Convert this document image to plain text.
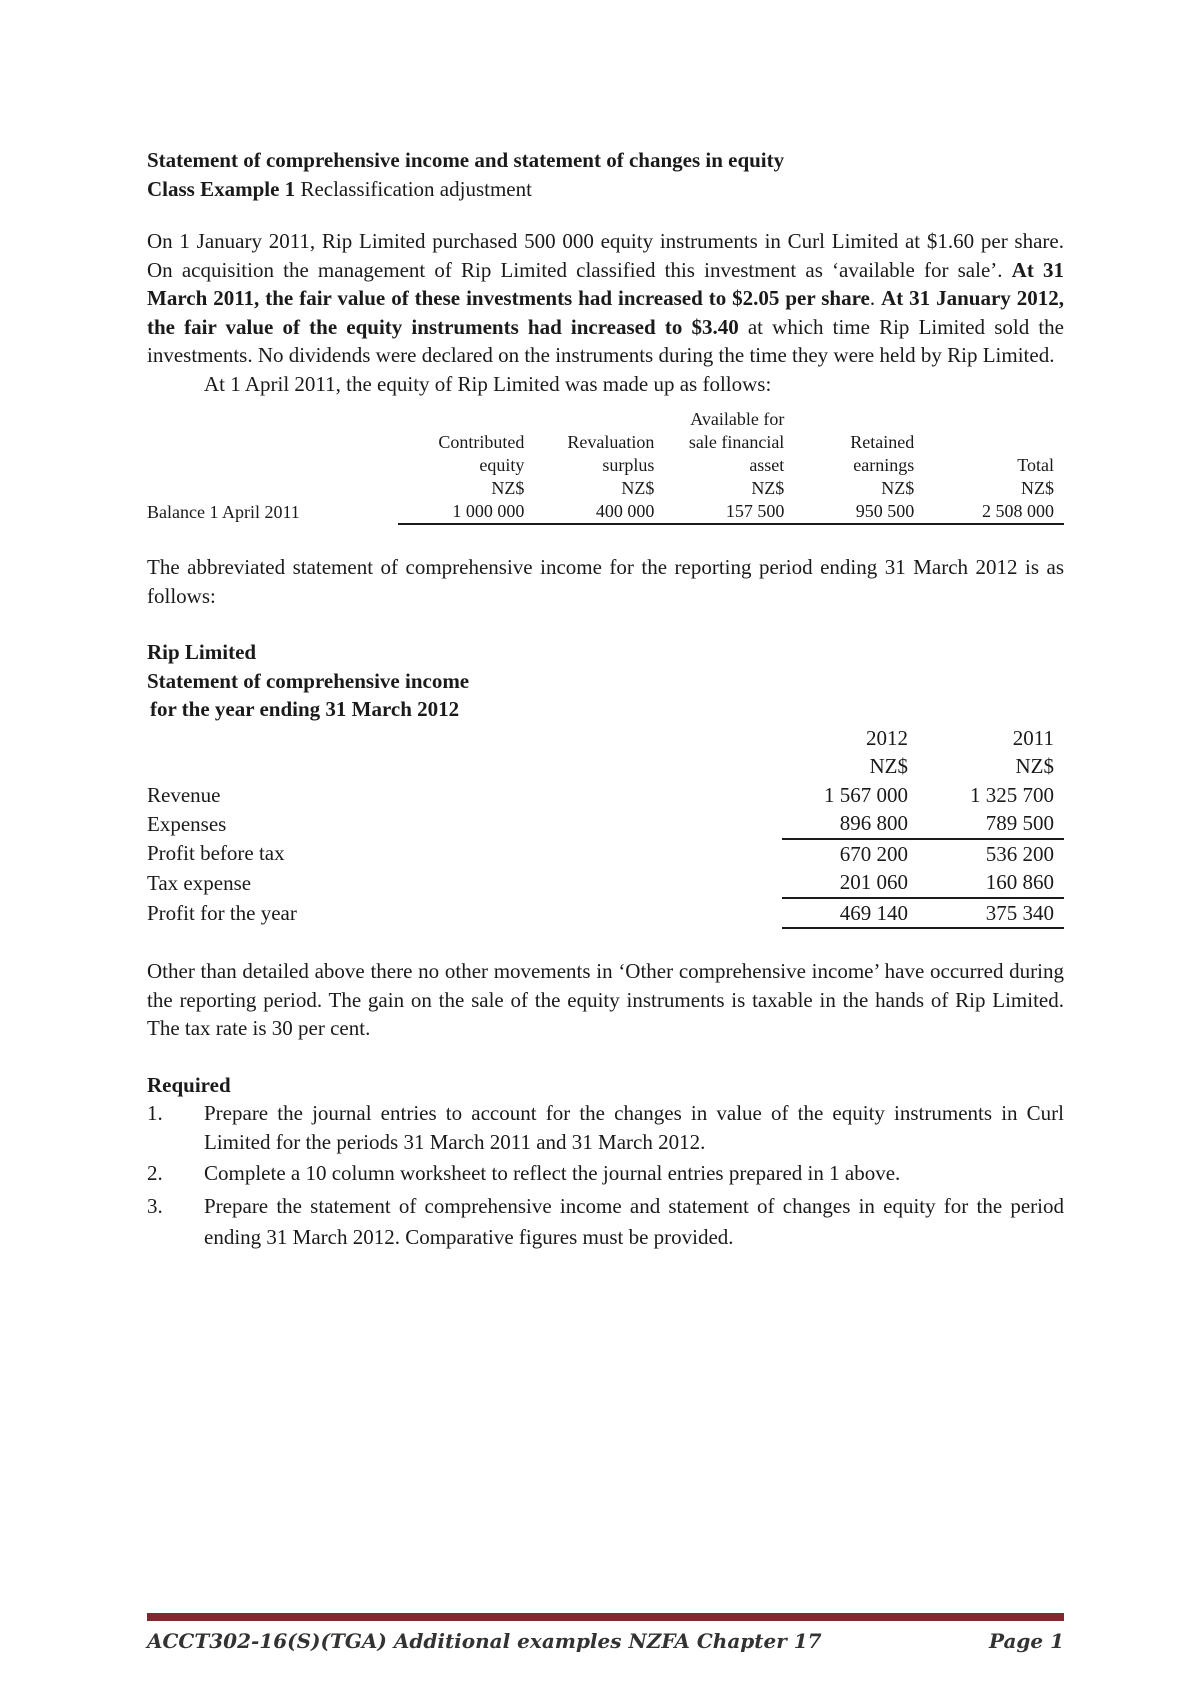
Statement of comprehensive income and statement of changes in equity

Class Example 1 Reclassification adjustment

On 1 January 2011, Rip Limited purchased 500 000 equity instruments in Curl Limited at $1.60 per share. On acquisition the management of Rip Limited classified this investment as ‘available for sale’. At 31 March 2011, the fair value of these investments had increased to $2.05 per share. At 31 January 2012, the fair value of the equity instruments had increased to $3.40 at which time Rip Limited sold the investments. No dividends were declared on the instruments during the time they were held by Rip Limited.

At 1 April 2011, the equity of Rip Limited was made up as follows:

	Contributed equity	Revaluation surplus	Available for sale financial asset	Retained earnings	Total
	NZ$	NZ$	NZ$	NZ$	NZ$
Balance 1 April 2011	1 000 000	400 000	157 500	950 500	2 508 000

The abbreviated statement of comprehensive income for the reporting period ending 31 March 2012 is as follows:

Rip Limited

Statement of comprehensive income

for the year ending 31 March 2012

	2012		2011
	NZ$		NZ$
Revenue	1 567 000		1 325 700
Expenses	896 800		789 500
Profit before tax	670 200		536 200
Tax expense	201 060		160 860
Profit for the year	469 140		375 340

Other than detailed above there no other movements in ‘Other comprehensive income’ have occurred during the reporting period. The gain on the sale of the equity instruments is taxable in the hands of Rip Limited. The tax rate is 30 per cent.

Required
1. Prepare the journal entries to account for the changes in value of the equity instruments in Curl Limited for the periods 31 March 2011 and 31 March 2012.
2. Complete a 10 column worksheet to reflect the journal entries prepared in 1 above.
3. Prepare the statement of comprehensive income and statement of changes in equity for the period ending 31 March 2012. Comparative figures must be provided.
ACCT302-16(S)(TGA) Additional examples NZFA Chapter 17	Page 1
